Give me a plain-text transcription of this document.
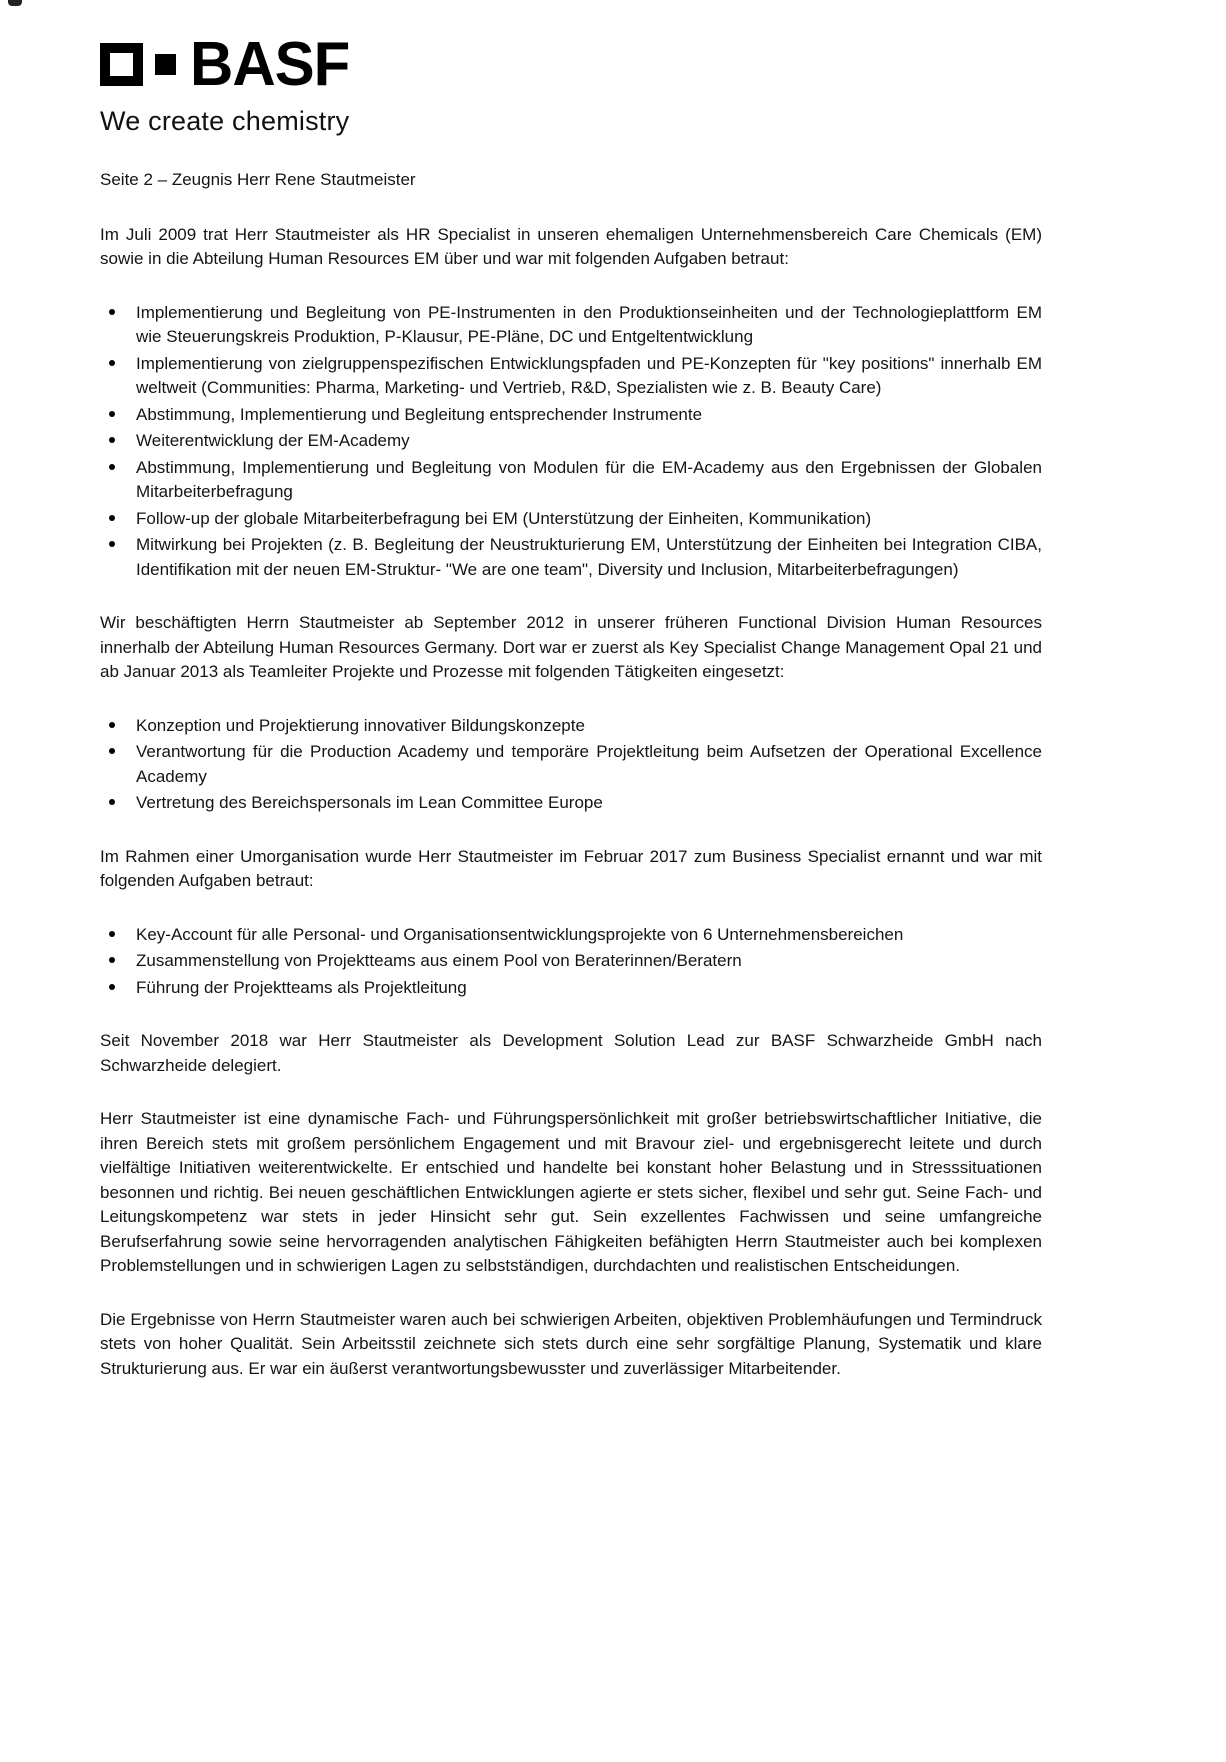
BASF
We create chemistry

Seite 2 – Zeugnis Herr Rene Stautmeister

Im Juli 2009 trat Herr Stautmeister als HR Specialist in unseren ehemaligen Unternehmensbereich Care Chemicals (EM) sowie in die Abteilung Human Resources EM über und war mit folgenden Aufgaben betraut:

Implementierung und Begleitung von PE-Instrumenten in den Produktionseinheiten und der Technologieplattform EM wie Steuerungskreis Produktion, P-Klausur, PE-Pläne, DC und Entgeltentwicklung
Implementierung von zielgruppenspezifischen Entwicklungspfaden und PE-Konzepten für "key positions" innerhalb EM weltweit (Communities: Pharma, Marketing- und Vertrieb, R&D, Spezialisten wie z. B. Beauty Care)
Abstimmung, Implementierung und Begleitung entsprechender Instrumente
Weiterentwicklung der EM-Academy
Abstimmung, Implementierung und Begleitung von Modulen für die EM-Academy aus den Ergebnissen der Globalen Mitarbeiterbefragung
Follow-up der globale Mitarbeiterbefragung bei EM (Unterstützung der Einheiten, Kommunikation)
Mitwirkung bei Projekten (z. B. Begleitung der Neustrukturierung EM, Unterstützung der Einheiten bei Integration CIBA, Identifikation mit der neuen EM-Struktur- "We are one team", Diversity und Inclusion, Mitarbeiterbefragungen)

Wir beschäftigten Herrn Stautmeister ab September 2012 in unserer früheren Functional Division Human Resources innerhalb der Abteilung Human Resources Germany. Dort war er zuerst als Key Specialist Change Management Opal 21 und ab Januar 2013 als Teamleiter Projekte und Prozesse mit folgenden Tätigkeiten eingesetzt:

Konzeption und Projektierung innovativer Bildungskonzepte
Verantwortung für die Production Academy und temporäre Projektleitung beim Aufsetzen der Operational Excellence Academy
Vertretung des Bereichspersonals im Lean Committee Europe

Im Rahmen einer Umorganisation wurde Herr Stautmeister im Februar 2017 zum Business Specialist ernannt und war mit folgenden Aufgaben betraut:

Key-Account für alle Personal- und Organisationsentwicklungsprojekte von 6 Unternehmensbereichen
Zusammenstellung von Projektteams aus einem Pool von Beraterinnen/Beratern
Führung der Projektteams als Projektleitung

Seit November 2018 war Herr Stautmeister als Development Solution Lead zur BASF Schwarzheide GmbH nach Schwarzheide delegiert.

Herr Stautmeister ist eine dynamische Fach- und Führungspersönlichkeit mit großer betriebswirtschaftlicher Initiative, die ihren Bereich stets mit großem persönlichem Engagement und mit Bravour ziel- und ergebnisgerecht leitete und durch vielfältige Initiativen weiterentwickelte. Er entschied und handelte bei konstant hoher Belastung und in Stresssituationen besonnen und richtig. Bei neuen geschäftlichen Entwicklungen agierte er stets sicher, flexibel und sehr gut. Seine Fach- und Leitungskompetenz war stets in jeder Hinsicht sehr gut. Sein exzellentes Fachwissen und seine umfangreiche Berufserfahrung sowie seine hervorragenden analytischen Fähigkeiten befähigten Herrn Stautmeister auch bei komplexen Problemstellungen und in schwierigen Lagen zu selbstständigen, durchdachten und realistischen Entscheidungen.

Die Ergebnisse von Herrn Stautmeister waren auch bei schwierigen Arbeiten, objektiven Problemhäufungen und Termindruck stets von hoher Qualität. Sein Arbeitsstil zeichnete sich stets durch eine sehr sorgfältige Planung, Systematik und klare Strukturierung aus. Er war ein äußerst verantwortungsbewusster und zuverlässiger Mitarbeitender.
